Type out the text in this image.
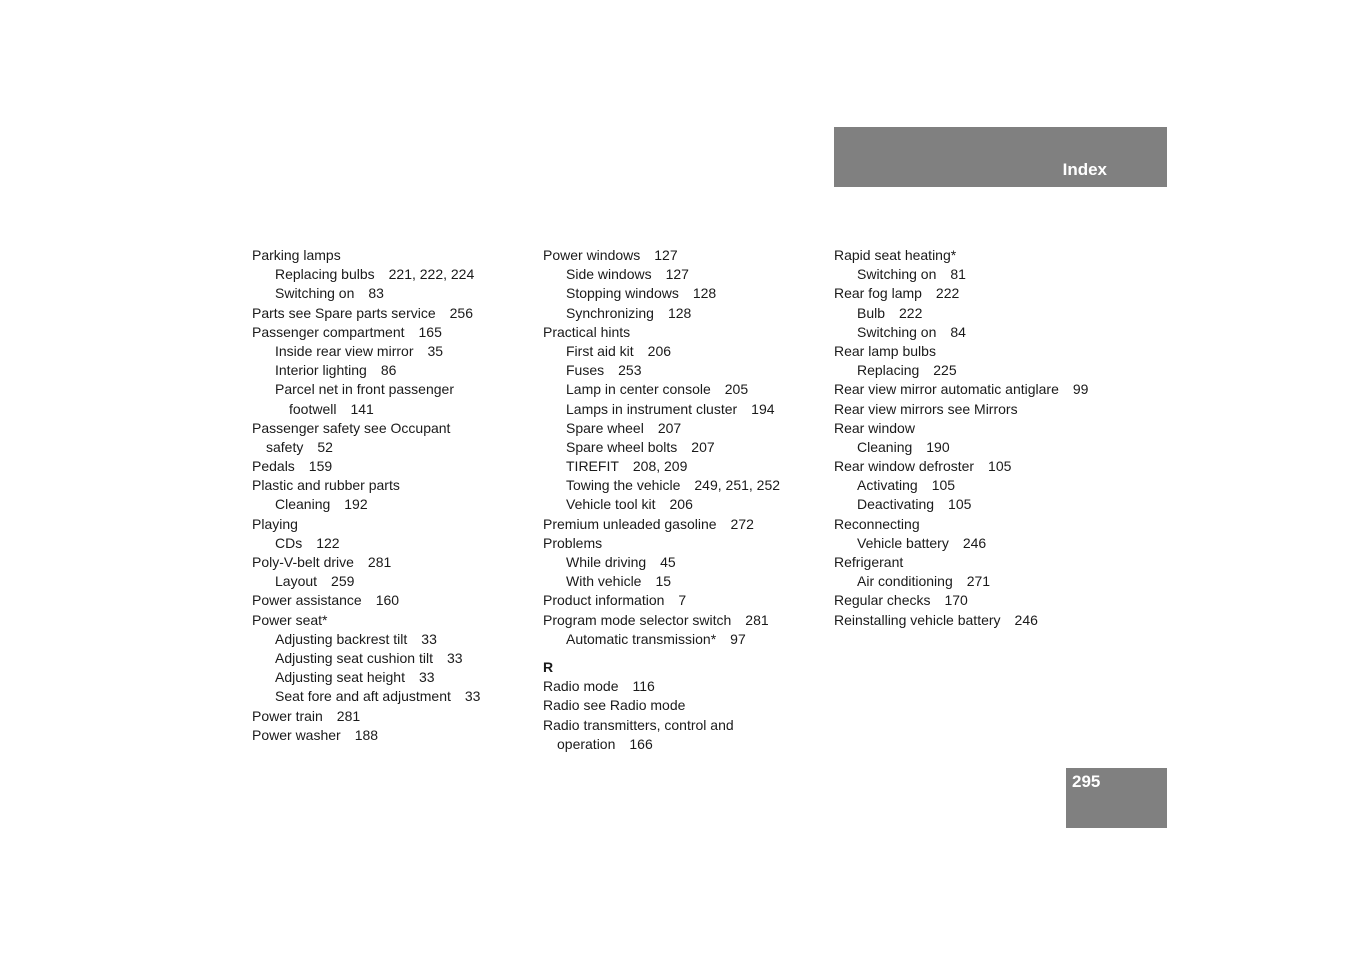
Index
Parking lamps
Replacing bulbs 221, 222, 224
Switching on 83
Parts see Spare parts service 256
Passenger compartment 165
Inside rear view mirror 35
Interior lighting 86
Parcel net in front passenger
footwell 141
Passenger safety see Occupant
safety 52
Pedals 159
Plastic and rubber parts
Cleaning 192
Playing
CDs 122
Poly-V-belt drive 281
Layout 259
Power assistance 160
Power seat*
Adjusting backrest tilt 33
Adjusting seat cushion tilt 33
Adjusting seat height 33
Seat fore and aft adjustment 33
Power train 281
Power washer 188
Power windows 127
Side windows 127
Stopping windows 128
Synchronizing 128
Practical hints
First aid kit 206
Fuses 253
Lamp in center console 205
Lamps in instrument cluster 194
Spare wheel 207
Spare wheel bolts 207
TIREFIT 208, 209
Towing the vehicle 249, 251, 252
Vehicle tool kit 206
Premium unleaded gasoline 272
Problems
While driving 45
With vehicle 15
Product information 7
Program mode selector switch 281
Automatic transmission* 97
R
Radio mode 116
Radio see Radio mode
Radio transmitters, control and
operation 166
Rapid seat heating*
Switching on 81
Rear fog lamp 222
Bulb 222
Switching on 84
Rear lamp bulbs
Replacing 225
Rear view mirror automatic antiglare 99
Rear view mirrors see Mirrors
Rear window
Cleaning 190
Rear window defroster 105
Activating 105
Deactivating 105
Reconnecting
Vehicle battery 246
Refrigerant
Air conditioning 271
Regular checks 170
Reinstalling vehicle battery 246
295
